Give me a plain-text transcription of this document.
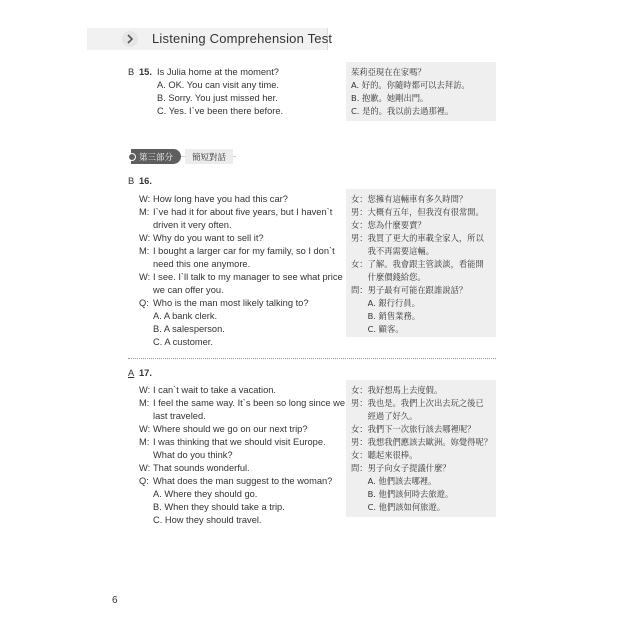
Listening Comprehension Test
B 15. Is Julia home at the moment?
A. OK. You can visit any time.
B. Sorry. You just missed her.
C. Yes. I`ve been there before.
茱莉亞現在在家嗎？
A. 好的。你隨時都可以去拜訪。
B. 抱歉。她剛出門。
C. 是的。我以前去過那裡。
第三部分	簡短對話
B 16.
W: How long have you had this car?
M: I`ve had it for about five years, but I haven`t
driven it very often.
W: Why do you want to sell it?
M: I bought a larger car for my family, so I don`t
need this one anymore.
W: I see. I`ll talk to my manager to see what price
we can offer you.
Q: Who is the man most likely talking to?
A. A bank clerk.
B. A salesperson.
C. A customer.
女：您擁有這輛車有多久時間？
男：大概有五年，但我沒有很常開。
女：您為什麼要賣？
男：我買了更大的車載全家人，所以
　　我不再需要這輛。
女：了解。我會跟主管談談，看能開
　　什麼價錢給您。
問：男子最有可能在跟誰說話？
　　A. 銀行行員。
　　B. 銷售業務。
　　C. 顧客。
A 17.
W: I can`t wait to take a vacation.
M: I feel the same way. It`s been so long since we
last traveled.
W: Where should we go on our next trip?
M: I was thinking that we should visit Europe.
What do you think?
W: That sounds wonderful.
Q: What does the man suggest to the woman?
A. Where they should go.
B. When they should take a trip.
C. How they should travel.
女：我好想馬上去度假。
男：我也是。我們上次出去玩之後已
　　經過了好久。
女：我們下一次旅行該去哪裡呢？
男：我想我們應該去歐洲。妳覺得呢？
女：聽起來很棒。
問：男子向女子提議什麼？
　　A. 他們該去哪裡。
　　B. 他們該何時去旅遊。
　　C. 他們該如何旅遊。
6
